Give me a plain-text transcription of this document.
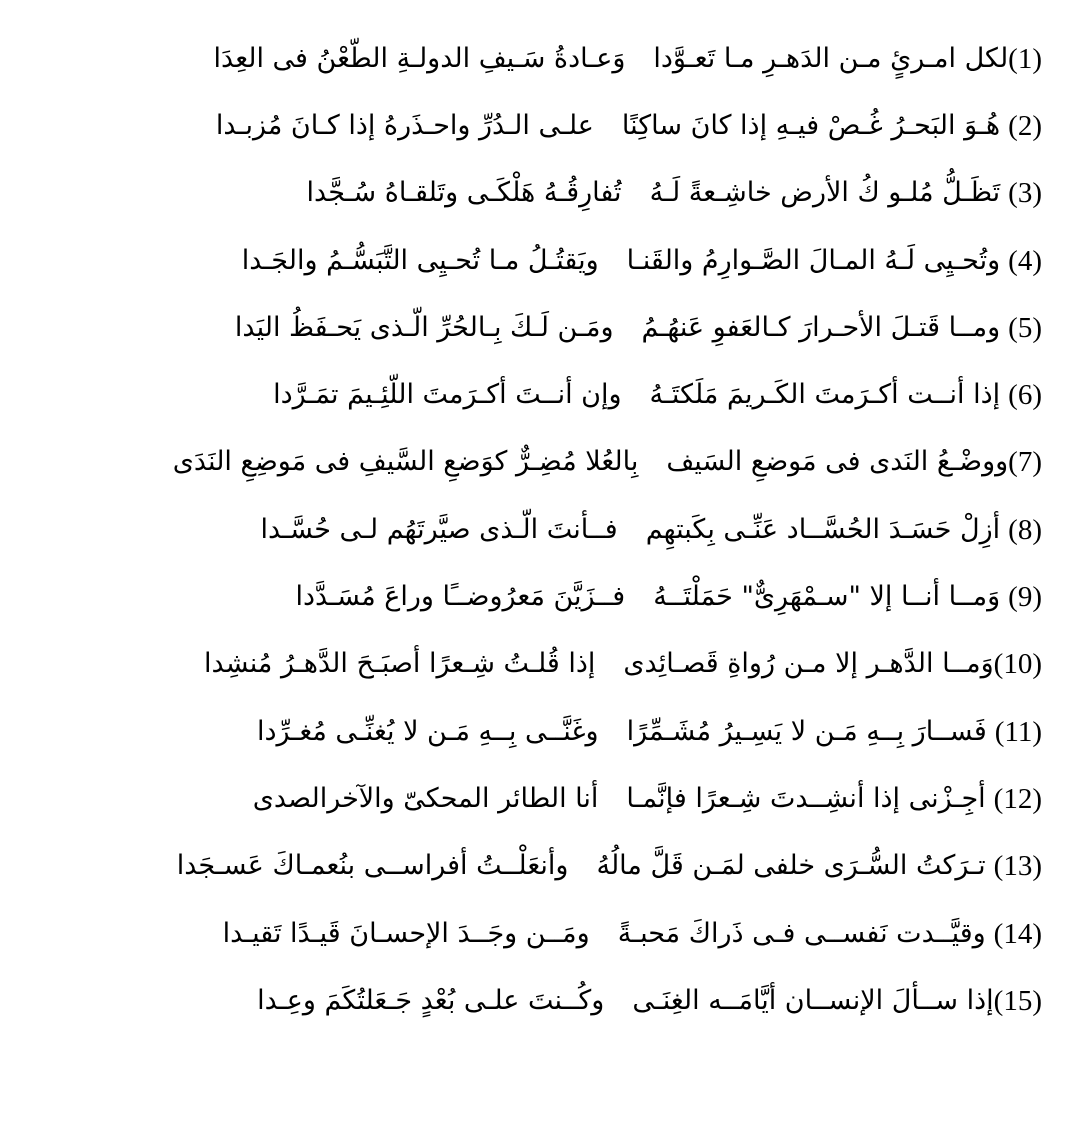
(1)
لكل امـرئٍ مـن الدَهـرِ مـا تَعـوَّدا
وَعـادةُ سَـيفِ الدولـةِ الطّعْنُ فى العِدَا
(2)
هُـوَ البَحـرُ غُـصْ فيـهِ إذا كانَ ساكِنًا
علـى الـدُرِّ واحـذَرهُ إذا كـانَ مُزبـدا
(3)
تَظَـلُّ مُلـو كُ الأرض خاشِـعةً لَـهُ
تُفارِقُـهُ هَلْكَـى وتَلقـاهُ سُـجَّدا
(4)
وتُحـيِى لَـهُ المـالَ الصَّـوارِمُ والقَنـا
ويَقتُـلُ مـا تُحـيِى التَّبَسُّـمُ والجَـدا
(5)
ومــا قَتـلَ الأحـرارَ كـالعَفوِ عَنهُـمُ
ومَـن لَـكَ بِـالحُرِّ الّـذى يَحـفَظُ اليَدا
(6)
إذا أنــت أكـرَمتَ الكَـريمَ مَلَكتَـهُ
وإن أنــتَ أكـرَمتَ اللّئِـيمَ تمَـرَّدا
(7)
ووضْـعُ النَدى فى مَوضعِ السَيف
بِالعُلا مُضِـرٌّ كوَضعِ السَّيفِ فى مَوضِعِ النَدَى
(8)
أزِلْ حَسَـدَ الحُسَّــاد عَنِّـى بِكَبتهِم
فــأنتَ الّـذى صيَّرتَهُم لـى حُسَّـدا
(9)
وَمــا أنــا إلا "سـمْهَرِىٌّ" حَمَلْتَــهُ
فــزَيَّنَ مَعرُوضــًا وراعَ مُسَـدَّدا
(10)
وَمــا الدَّهـر إلا مـن رُواةِ قَصـائِدى
إذا قُلـتُ شِـعرًا أصبَـحَ الدَّهـرُ مُنشِدا
(11)
فَســارَ بِــهِ مَـن لا يَسِـيرُ مُشَـمِّرًا
وغَنَّــى بِــهِ مَـن لا يُغنِّـى مُغـرِّدا
(12)
أجِـزْنى إذا أنشِــدتَ شِـعرًا فإنَّمـا
أنا الطائر المحكىّ والآخرالصدى
(13)
تـرَكتُ السُّـرَى خلفى لمَـن قَلَّ مالُهُ
وأنعَلْــتُ أفراســى بنُعمـاكَ عَسـجَدا
(14)
وقيَّــدت نَفســى فـى ذَراكَ مَحبـةً
ومَــن وجَــدَ الإحسـانَ قَيـدًا تَقيـدا
(15)
إذا ســألَ الإنســان أيَّامَــه الغِنَـى
وكُــنتَ علـى بُعْدٍ جَـعَلتُكَمَ وعِـدا
